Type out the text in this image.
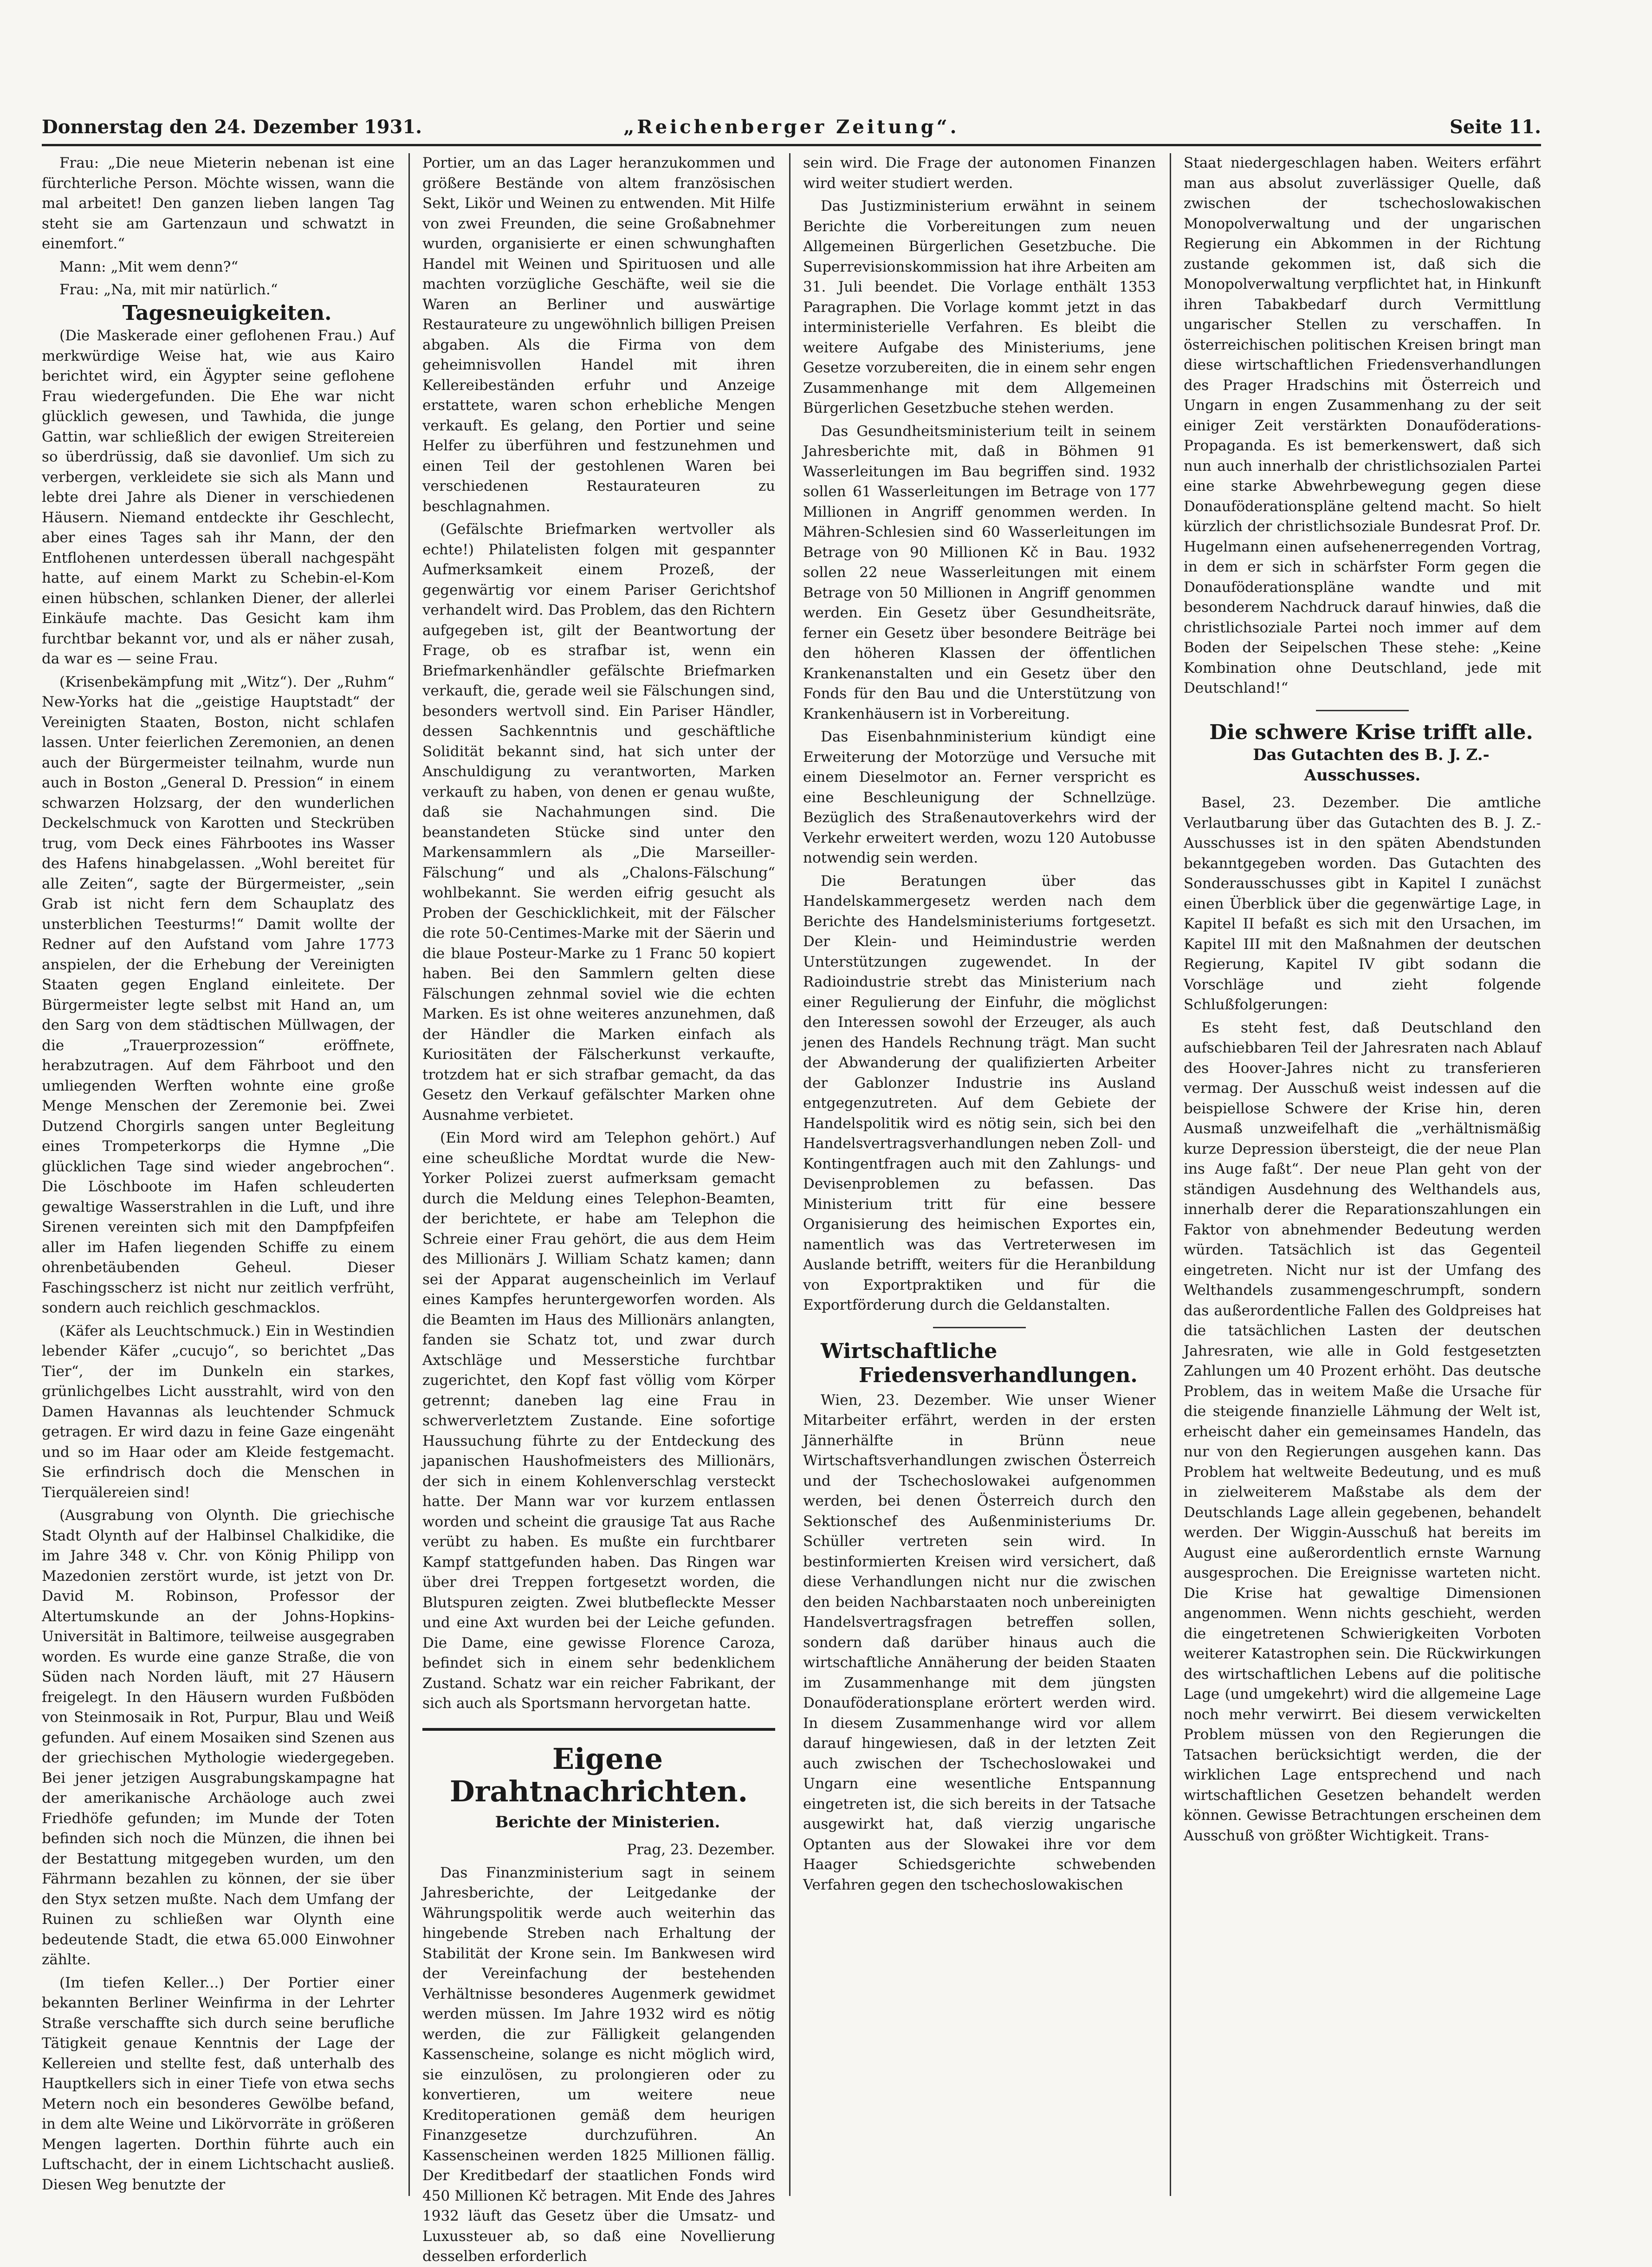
Donnerstag den 24. Dezember 1931.	„Reichenberger Zeitung“.	Seite 11.

Frau: „Die neue Mieterin nebenan ist eine fürchterliche Person. Möchte wissen, wann die mal arbeitet! Den ganzen lieben langen Tag steht sie am Gartenzaun und schwatzt in einemfort.“

Mann: „Mit wem denn?“

Frau: „Na, mit mir natürlich.“

Tagesneuigkeiten.

(Die Maskerade einer geflohenen Frau.) Auf merkwürdige Weise hat, wie aus Kairo berichtet wird, ein Ägypter seine geflohene Frau wiedergefunden. Die Ehe war nicht glücklich gewesen, und Tawhida, die junge Gattin, war schließlich der ewigen Streitereien so überdrüssig, daß sie davonlief. Um sich zu verbergen, verkleidete sie sich als Mann und lebte drei Jahre als Diener in verschiedenen Häusern. Niemand entdeckte ihr Geschlecht, aber eines Tages sah ihr Mann, der den Entflohenen unterdessen überall nachgespäht hatte, auf einem Markt zu Schebin-el-Kom einen hübschen, schlanken Diener, der allerlei Einkäufe machte. Das Gesicht kam ihm furchtbar bekannt vor, und als er näher zusah, da war es — seine Frau.

(Krisenbekämpfung mit „Witz“). Der „Ruhm“ New-Yorks hat die „geistige Hauptstadt“ der Vereinigten Staaten, Boston, nicht schlafen lassen. Unter feierlichen Zeremonien, an denen auch der Bürgermeister teilnahm, wurde nun auch in Boston „General D. Pression“ in einem schwarzen Holzsarg, der den wunderlichen Deckelschmuck von Karotten und Steckrüben trug, vom Deck eines Fährbootes ins Wasser des Hafens hinabgelassen. „Wohl bereitet für alle Zeiten“, sagte der Bürgermeister, „sein Grab ist nicht fern dem Schauplatz des unsterblichen Teesturms!“ Damit wollte der Redner auf den Aufstand vom Jahre 1773 anspielen, der die Erhebung der Vereinigten Staaten gegen England einleitete. Der Bürgermeister legte selbst mit Hand an, um den Sarg von dem städtischen Müllwagen, der die „Trauerprozession“ eröffnete, herabzutragen. Auf dem Fährboot und den umliegenden Werften wohnte eine große Menge Menschen der Zeremonie bei. Zwei Dutzend Chorgirls sangen unter Begleitung eines Trompeterkorps die Hymne „Die glücklichen Tage sind wieder angebrochen“. Die Löschboote im Hafen schleuderten gewaltige Wasserstrahlen in die Luft, und ihre Sirenen vereinten sich mit den Dampfpfeifen aller im Hafen liegenden Schiffe zu einem ohrenbetäubenden Geheul. Dieser Faschingsscherz ist nicht nur zeitlich verfrüht, sondern auch reichlich geschmacklos.

(Käfer als Leuchtschmuck.) Ein in Westindien lebender Käfer „cucujo“, so berichtet „Das Tier“, der im Dunkeln ein starkes, grünlichgelbes Licht ausstrahlt, wird von den Damen Havannas als leuchtender Schmuck getragen. Er wird dazu in feine Gaze eingenäht und so im Haar oder am Kleide festgemacht. Sie erfindrisch doch die Menschen in Tierquälereien sind!

(Ausgrabung von Olynth. Die griechische Stadt Olynth auf der Halbinsel Chalkidike, die im Jahre 348 v. Chr. von König Philipp von Mazedonien zerstört wurde, ist jetzt von Dr. David M. Robinson, Professor der Altertumskunde an der Johns-Hopkins-Universität in Baltimore, teilweise ausgegraben worden. Es wurde eine ganze Straße, die von Süden nach Norden läuft, mit 27 Häusern freigelegt. In den Häusern wurden Fußböden von Steinmosaik in Rot, Purpur, Blau und Weiß gefunden. Auf einem Mosaiken sind Szenen aus der griechischen Mythologie wiedergegeben. Bei jener jetzigen Ausgrabungskampagne hat der amerikanische Archäologe auch zwei Friedhöfe gefunden; im Munde der Toten befinden sich noch die Münzen, die ihnen bei der Bestattung mitgegeben wurden, um den Fährmann bezahlen zu können, der sie über den Styx setzen mußte. Nach dem Umfang der Ruinen zu schließen war Olynth eine bedeutende Stadt, die etwa 65.000 Einwohner zählte.

(Im tiefen Keller...) Der Portier einer bekannten Berliner Weinfirma in der Lehrter Straße verschaffte sich durch seine berufliche Tätigkeit genaue Kenntnis der Lage der Kellereien und stellte fest, daß unterhalb des Hauptkellers sich in einer Tiefe von etwa sechs Metern noch ein besonderes Gewölbe befand, in dem alte Weine und Likörvorräte in größeren Mengen lagerten. Dorthin führte auch ein Luftschacht, der in einem Lichtschacht ausließ. Diesen Weg benutzte der

Portier, um an das Lager heranzukommen und größere Bestände von altem französischen Sekt, Likör und Weinen zu entwenden. Mit Hilfe von zwei Freunden, die seine Großabnehmer wurden, organisierte er einen schwunghaften Handel mit Weinen und Spirituosen und alle machten vorzügliche Geschäfte, weil sie die Waren an Berliner und auswärtige Restaurateure zu ungewöhnlich billigen Preisen abgaben. Als die Firma von dem geheimnisvollen Handel mit ihren Kellereibeständen erfuhr und Anzeige erstattete, waren schon erhebliche Mengen verkauft. Es gelang, den Portier und seine Helfer zu überführen und festzunehmen und einen Teil der gestohlenen Waren bei verschiedenen Restaurateuren zu beschlagnahmen.

(Gefälschte Briefmarken wertvoller als echte!) Philatelisten folgen mit gespannter Aufmerksamkeit einem Prozeß, der gegenwärtig vor einem Pariser Gerichtshof verhandelt wird. Das Problem, das den Richtern aufgegeben ist, gilt der Beantwortung der Frage, ob es strafbar ist, wenn ein Briefmarkenhändler gefälschte Briefmarken verkauft, die, gerade weil sie Fälschungen sind, besonders wertvoll sind. Ein Pariser Händler, dessen Sachkenntnis und geschäftliche Solidität bekannt sind, hat sich unter der Anschuldigung zu verantworten, Marken verkauft zu haben, von denen er genau wußte, daß sie Nachahmungen sind. Die beanstandeten Stücke sind unter den Markensammlern als „Die Marseiller-Fälschung“ und als „Chalons-Fälschung“ wohlbekannt. Sie werden eifrig gesucht als Proben der Geschicklichkeit, mit der Fälscher die rote 50-Centimes-Marke mit der Säerin und die blaue Posteur-Marke zu 1 Franc 50 kopiert haben. Bei den Sammlern gelten diese Fälschungen zehnmal soviel wie die echten Marken. Es ist ohne weiteres anzunehmen, daß der Händler die Marken einfach als Kuriositäten der Fälscherkunst verkaufte, trotzdem hat er sich strafbar gemacht, da das Gesetz den Verkauf gefälschter Marken ohne Ausnahme verbietet.

(Ein Mord wird am Telephon gehört.) Auf eine scheußliche Mordtat wurde die New-Yorker Polizei zuerst aufmerksam gemacht durch die Meldung eines Telephon-Beamten, der berichtete, er habe am Telephon die Schreie einer Frau gehört, die aus dem Heim des Millionärs J. William Schatz kamen; dann sei der Apparat augenscheinlich im Verlauf eines Kampfes heruntergeworfen worden. Als die Beamten im Haus des Millionärs anlangten, fanden sie Schatz tot, und zwar durch Axtschläge und Messerstiche furchtbar zugerichtet, den Kopf fast völlig vom Körper getrennt; daneben lag eine Frau in schwerverletztem Zustande. Eine sofortige Haussuchung führte zu der Entdeckung des japanischen Haushofmeisters des Millionärs, der sich in einem Kohlenverschlag versteckt hatte. Der Mann war vor kurzem entlassen worden und scheint die grausige Tat aus Rache verübt zu haben. Es mußte ein furchtbarer Kampf stattgefunden haben. Das Ringen war über drei Treppen fortgesetzt worden, die Blutspuren zeigten. Zwei blutbefleckte Messer und eine Axt wurden bei der Leiche gefunden. Die Dame, eine gewisse Florence Caroza, befindet sich in einem sehr bedenklichem Zustand. Schatz war ein reicher Fabrikant, der sich auch als Sportsmann hervorgetan hatte.

Eigene Drahtnachrichten.

Berichte der Ministerien.

Prag, 23. Dezember.

Das Finanzministerium sagt in seinem Jahresberichte, der Leitgedanke der Währungspolitik werde auch weiterhin das hingebende Streben nach Erhaltung der Stabilität der Krone sein. Im Bankwesen wird der Vereinfachung der bestehenden Verhältnisse besonderes Augenmerk gewidmet werden müssen. Im Jahre 1932 wird es nötig werden, die zur Fälligkeit gelangenden Kassenscheine, solange es nicht möglich wird, sie einzulösen, zu prolongieren oder zu konvertieren, um weitere neue Kreditoperationen gemäß dem heurigen Finanzgesetze durchzuführen. An Kassenscheinen werden 1825 Millionen fällig. Der Kreditbedarf der staatlichen Fonds wird 450 Millionen Kč betragen. Mit Ende des Jahres 1932 läuft das Gesetz über die Umsatz- und Luxussteuer ab, so daß eine Novellierung desselben erforderlich

sein wird. Die Frage der autonomen Finanzen wird weiter studiert werden.

Das Justizministerium erwähnt in seinem Berichte die Vorbereitungen zum neuen Allgemeinen Bürgerlichen Gesetzbuche. Die Superrevisionskommission hat ihre Arbeiten am 31. Juli beendet. Die Vorlage enthält 1353 Paragraphen. Die Vorlage kommt jetzt in das interministerielle Verfahren. Es bleibt die weitere Aufgabe des Ministeriums, jene Gesetze vorzubereiten, die in einem sehr engen Zusammenhange mit dem Allgemeinen Bürgerlichen Gesetzbuche stehen werden.

Das Gesundheitsministerium teilt in seinem Jahresberichte mit, daß in Böhmen 91 Wasserleitungen im Bau begriffen sind. 1932 sollen 61 Wasserleitungen im Betrage von 177 Millionen in Angriff genommen werden. In Mähren-Schlesien sind 60 Wasserleitungen im Betrage von 90 Millionen Kč in Bau. 1932 sollen 22 neue Wasserleitungen mit einem Betrage von 50 Millionen in Angriff genommen werden. Ein Gesetz über Gesundheitsräte, ferner ein Gesetz über besondere Beiträge bei den höheren Klassen der öffentlichen Krankenanstalten und ein Gesetz über den Fonds für den Bau und die Unterstützung von Krankenhäusern ist in Vorbereitung.

Das Eisenbahnministerium kündigt eine Erweiterung der Motorzüge und Versuche mit einem Dieselmotor an. Ferner verspricht es eine Beschleunigung der Schnellzüge. Bezüglich des Straßenautoverkehrs wird der Verkehr erweitert werden, wozu 120 Autobusse notwendig sein werden.

Die Beratungen über das Handelskammergesetz werden nach dem Berichte des Handelsministeriums fortgesetzt. Der Klein- und Heimindustrie werden Unterstützungen zugewendet. In der Radioindustrie strebt das Ministerium nach einer Regulierung der Einfuhr, die möglichst den Interessen sowohl der Erzeuger, als auch jenen des Handels Rechnung trägt. Man sucht der Abwanderung der qualifizierten Arbeiter der Gablonzer Industrie ins Ausland entgegenzutreten. Auf dem Gebiete der Handelspolitik wird es nötig sein, sich bei den Handelsvertragsverhandlungen neben Zoll- und Kontingentfragen auch mit den Zahlungs- und Devisenproblemen zu befassen. Das Ministerium tritt für eine bessere Organisierung des heimischen Exportes ein, namentlich was das Vertreterwesen im Auslande betrifft, weiters für die Heranbildung von Exportpraktiken und für die Exportförderung durch die Geldanstalten.

Wirtschaftliche
Friedensverhandlungen.

Wien, 23. Dezember. Wie unser Wiener Mitarbeiter erfährt, werden in der ersten Jännerhälfte in Brünn neue Wirtschaftsverhandlungen zwischen Österreich und der Tschechoslowakei aufgenommen werden, bei denen Österreich durch den Sektionschef des Außenministeriums Dr. Schüller vertreten sein wird. In bestinformierten Kreisen wird versichert, daß diese Verhandlungen nicht nur die zwischen den beiden Nachbarstaaten noch unbereinigten Handelsvertragsfragen betreffen sollen, sondern daß darüber hinaus auch die wirtschaftliche Annäherung der beiden Staaten im Zusammenhange mit dem jüngsten Donauföderationsplane erörtert werden wird. In diesem Zusammenhange wird vor allem darauf hingewiesen, daß in der letzten Zeit auch zwischen der Tschechoslowakei und Ungarn eine wesentliche Entspannung eingetreten ist, die sich bereits in der Tatsache ausgewirkt hat, daß vierzig ungarische Optanten aus der Slowakei ihre vor dem Haager Schiedsgerichte schwebenden Verfahren gegen den tschechoslowakischen

Staat niedergeschlagen haben. Weiters erfährt man aus absolut zuverlässiger Quelle, daß zwischen der tschechoslowakischen Monopolverwaltung und der ungarischen Regierung ein Abkommen in der Richtung zustande gekommen ist, daß sich die Monopolverwaltung verpflichtet hat, in Hinkunft ihren Tabakbedarf durch Vermittlung ungarischer Stellen zu verschaffen. In österreichischen politischen Kreisen bringt man diese wirtschaftlichen Friedensverhandlungen des Prager Hradschins mit Österreich und Ungarn in engen Zusammenhang zu der seit einiger Zeit verstärkten Donauföderations-Propaganda. Es ist bemerkenswert, daß sich nun auch innerhalb der christlichsozialen Partei eine starke Abwehrbewegung gegen diese Donauföderationspläne geltend macht. So hielt kürzlich der christlichsoziale Bundesrat Prof. Dr. Hugelmann einen aufsehenerregenden Vortrag, in dem er sich in schärfster Form gegen die Donauföderationspläne wandte und mit besonderem Nachdruck darauf hinwies, daß die christlichsoziale Partei noch immer auf dem Boden der Seipelschen These stehe: „Keine Kombination ohne Deutschland, jede mit Deutschland!“

Die schwere Krise trifft alle.

Das Gutachten des B. J. Z.-Ausschusses.

Basel, 23. Dezember. Die amtliche Verlautbarung über das Gutachten des B. J. Z.-Ausschusses ist in den späten Abendstunden bekanntgegeben worden. Das Gutachten des Sonderausschusses gibt in Kapitel I zunächst einen Überblick über die gegenwärtige Lage, in Kapitel II befaßt es sich mit den Ursachen, im Kapitel III mit den Maßnahmen der deutschen Regierung, Kapitel IV gibt sodann die Vorschläge und zieht folgende Schlußfolgerungen:

Es steht fest, daß Deutschland den aufschiebbaren Teil der Jahresraten nach Ablauf des Hoover-Jahres nicht zu transferieren vermag. Der Ausschuß weist indessen auf die beispiellose Schwere der Krise hin, deren Ausmaß unzweifelhaft die „verhältnismäßig kurze Depression übersteigt, die der neue Plan ins Auge faßt“. Der neue Plan geht von der ständigen Ausdehnung des Welthandels aus, innerhalb derer die Reparationszahlungen ein Faktor von abnehmender Bedeutung werden würden. Tatsächlich ist das Gegenteil eingetreten. Nicht nur ist der Umfang des Welthandels zusammengeschrumpft, sondern das außerordentliche Fallen des Goldpreises hat die tatsächlichen Lasten der deutschen Jahresraten, wie alle in Gold festgesetzten Zahlungen um 40 Prozent erhöht. Das deutsche Problem, das in weitem Maße die Ursache für die steigende finanzielle Lähmung der Welt ist, erheischt daher ein gemeinsames Handeln, das nur von den Regierungen ausgehen kann. Das Problem hat weltweite Bedeutung, und es muß in zielweiterem Maßstabe als dem der Deutschlands Lage allein gegebenen, behandelt werden. Der Wiggin-Ausschuß hat bereits im August eine außerordentlich ernste Warnung ausgesprochen. Die Ereignisse warteten nicht. Die Krise hat gewaltige Dimensionen angenommen. Wenn nichts geschieht, werden die eingetretenen Schwierigkeiten Vorboten weiterer Katastrophen sein. Die Rückwirkungen des wirtschaftlichen Lebens auf die politische Lage (und umgekehrt) wird die allgemeine Lage noch mehr verwirrt. Bei diesem verwickelten Problem müssen von den Regierungen die Tatsachen berücksichtigt werden, die der wirklichen Lage entsprechend und nach wirtschaftlichen Gesetzen behandelt werden können. Gewisse Betrachtungen erscheinen dem Ausschuß von größter Wichtigkeit. Trans-
